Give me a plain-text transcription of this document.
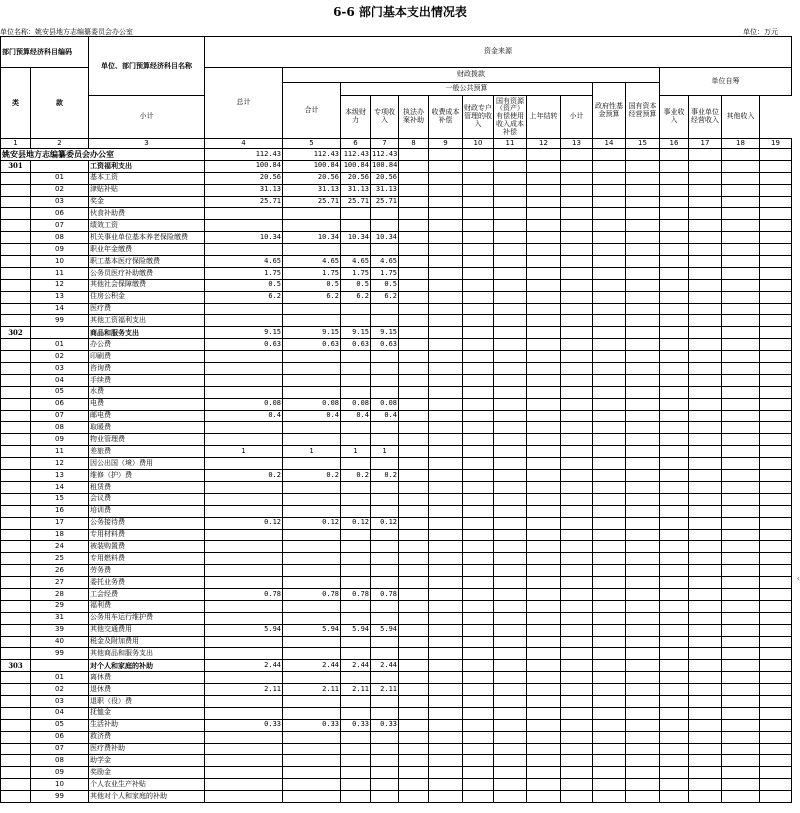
6-6 部门基本支出情况表
单位名称：姚安县地方志编纂委员会办公室	单位：万元
部门预算经济科目编码		单位、部门预算经济科目名称	资金来源															
类	款		总计	财政拨款											单位自筹			
				合计	一般公共预算								政府性基金预算	国有资本经营预算				
		小计			本级财力	专项收入	执法办案补助	收费成本补偿	财政专户管理的收入	国有资源（资产）有偿使用收入成本补偿	上年结转	小计			事业收入	事业单位经营收入	其他收入	
1	2	3	4	5	6	7	8	9	10	11	12	13	14	15	16	17	18	19
姚安县地方志编纂委员会办公室			112.43	112.43	112.43	112.43												
301		工资福利支出	100.84	100.84	100.84	100.84												
	01	基本工资	20.56	20.56	20.56	20.56												
	02	津贴补贴	31.13	31.13	31.13	31.13												
	03	奖金	25.71	25.71	25.71	25.71												
	06	伙食补助费																
	07	绩效工资																
	08	机关事业单位基本养老保险缴费	10.34	10.34	10.34	10.34												
	09	职业年金缴费																
	10	职工基本医疗保险缴费	4.65	4.65	4.65	4.65												
	11	公务员医疗补助缴费	1.75	1.75	1.75	1.75												
	12	其他社会保障缴费	0.5	0.5	0.5	0.5												
	13	住房公积金	6.2	6.2	6.2	6.2												
	14	医疗费																
	99	其他工资福利支出																
302		商品和服务支出	9.15	9.15	9.15	9.15												
	01	办公费	0.63	0.63	0.63	0.63												
	02	印刷费																
	03	咨询费																
	04	手续费																
	05	水费																
	06	电费	0.08	0.08	0.08	0.08												
	07	邮电费	0.4	0.4	0.4	0.4												
	08	取暖费																
	09	物业管理费																
	11	差旅费	1	1	1	1												
	12	因公出国（境）费用																
	13	维修（护）费	0.2	0.2	0.2	0.2												
	14	租赁费																
	15	会议费																
	16	培训费																
	17	公务接待费	0.12	0.12	0.12	0.12												
	18	专用材料费																
	24	被装购置费																
	25	专用燃料费																
	26	劳务费																
	27	委托业务费																
	28	工会经费	0.78	0.78	0.78	0.78												
	29	福利费																
	31	公务用车运行维护费																
	39	其他交通费用	5.94	5.94	5.94	5.94												
	40	税金及附加费用																
	99	其他商品和服务支出																
303		对个人和家庭的补助	2.44	2.44	2.44	2.44												
	01	离休费																
	02	退休费	2.11	2.11	2.11	2.11												
	03	退职（役）费																
	04	抚恤金																
	05	生活补助	0.33	0.33	0.33	0.33												
	06	救济费																
	07	医疗费补助																
	08	助学金																
	09	奖励金																
	10	个人农业生产补贴																
	99	其他对个人和家庭的补助																
‹
